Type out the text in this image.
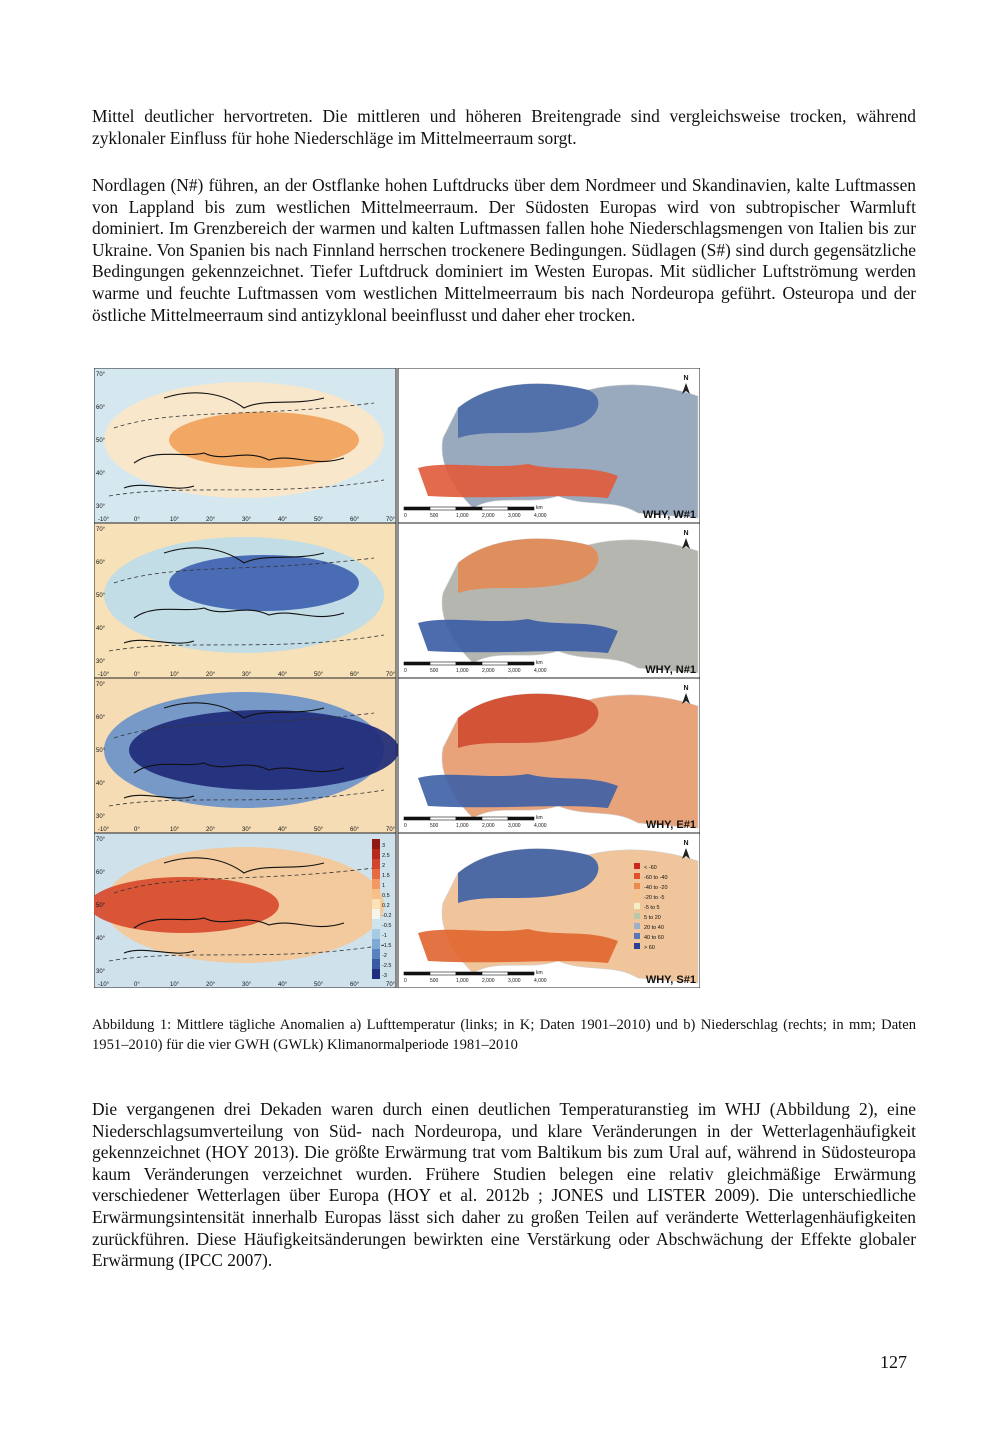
Mittel deutlicher hervortreten. Die mittleren und höheren Breitengrade sind vergleichsweise trocken, während zyklonaler Einfluss für hohe Niederschläge im Mittelmeerraum sorgt.

Nordlagen (N#) führen, an der Ostflanke hohen Luftdrucks über dem Nordmeer und Skandinavien, kalte Luftmassen von Lappland bis zum westlichen Mittelmeerraum. Der Südosten Europas wird von subtropischer Warmluft dominiert. Im Grenzbereich der warmen und kalten Luftmassen fallen hohe Niederschlagsmengen von Italien bis zur Ukraine. Von Spanien bis nach Finnland herrschen trockenere Bedingungen. Südlagen (S#) sind durch gegensätzliche Bedingungen gekennzeichnet. Tiefer Luftdruck dominiert im Westen Europas. Mit südlicher Luftströmung werden warme und feuchte Luftmassen vom westlichen Mittelmeerraum bis nach Nordeuropa geführt. Osteuropa und der östliche Mittelmeerraum sind antizyklonal beeinflusst und daher eher trocken.

70°
60°
50°
40°
30°
-10°	0°	10°	20°	30°	40°	50°	60°	70°
0	500	1,000	2,000	3,000	4,000
km
N
WHY, W#1
70°
60°
50°
40°
30°
-10°	0°	10°	20°	30°	40°	50°	60°	70°
0	500	1,000	2,000	3,000	4,000
km
N
WHY, N#1
70°
60°
50°
40°
30°
-10°	0°	10°	20°	30°	40°	50°	60°	70°
0	500	1,000	2,000	3,000	4,000
km
N
WHY, E#1
70°
60°
50°
40°
30°
-10°	0°	10°	20°	30°	40°	50°	60°	70°
0	500	1,000	2,000	3,000	4,000
km
N
WHY, S#1
3
2.5
2
1.5
1
0.5
0.2
-0.2
-0.5
-1
-1.5
-2
-2.5
-3
< -60
-60 to -40
-40 to -20
-20 to -5
-5 to 5
5 to 20
20 to 40
40 to 60
> 60

Abbildung 1: Mittlere tägliche Anomalien a) Lufttemperatur (links; in K; Daten 1901–2010) und b) Niederschlag (rechts; in mm; Daten 1951–2010) für die vier GWH (GWLk) Klimanormalperiode 1981–2010

Die vergangenen drei Dekaden waren durch einen deutlichen Temperaturanstieg im WHJ (Abbildung 2), eine Niederschlagsumverteilung von Süd- nach Nordeuropa, und klare Veränderungen in der Wetterlagenhäufigkeit gekennzeichnet (HOY 2013). Die größte Erwärmung trat vom Baltikum bis zum Ural auf, während in Südosteuropa kaum Veränderungen verzeichnet wurden. Frühere Studien belegen eine relativ gleichmäßige Erwärmung verschiedener Wetterlagen über Europa (HOY et al. 2012b ; JONES und LISTER 2009). Die unterschiedliche Erwärmungsintensität innerhalb Europas lässt sich daher zu großen Teilen auf veränderte Wetterlagenhäufigkeiten zurückführen. Diese Häufigkeitsänderungen bewirkten eine Verstärkung oder Abschwächung der Effekte globaler Erwärmung (IPCC 2007).

127
